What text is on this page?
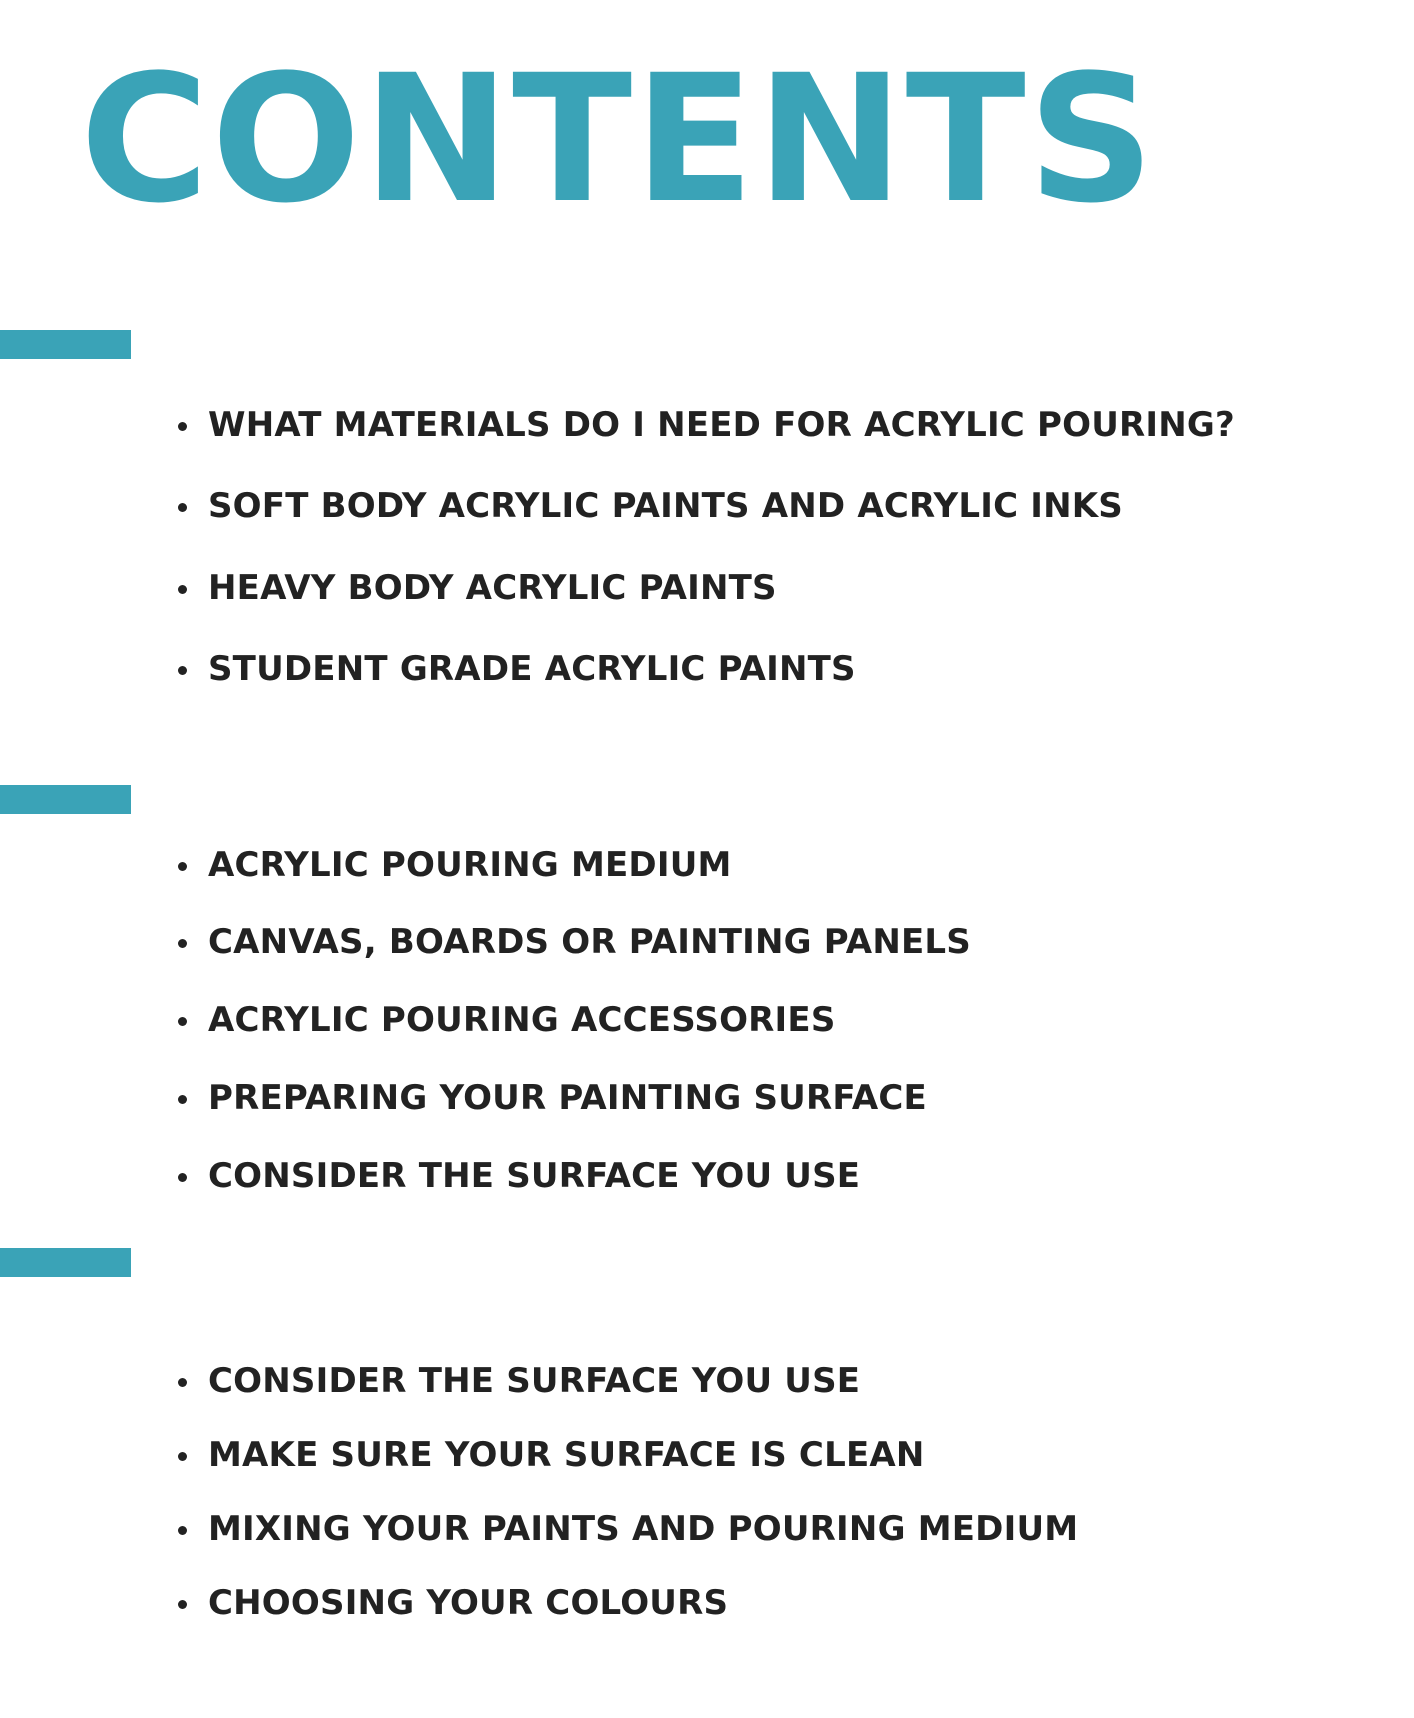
CONTENTS
WHAT MATERIALS DO I NEED FOR ACRYLIC POURING?
SOFT BODY ACRYLIC PAINTS AND ACRYLIC INKS
HEAVY BODY ACRYLIC PAINTS
STUDENT GRADE ACRYLIC PAINTS
ACRYLIC POURING MEDIUM
CANVAS, BOARDS OR PAINTING PANELS
ACRYLIC POURING ACCESSORIES
PREPARING YOUR PAINTING SURFACE
CONSIDER THE SURFACE YOU USE
CONSIDER THE SURFACE YOU USE
MAKE SURE YOUR SURFACE IS CLEAN
MIXING YOUR PAINTS AND POURING MEDIUM
CHOOSING YOUR COLOURS
